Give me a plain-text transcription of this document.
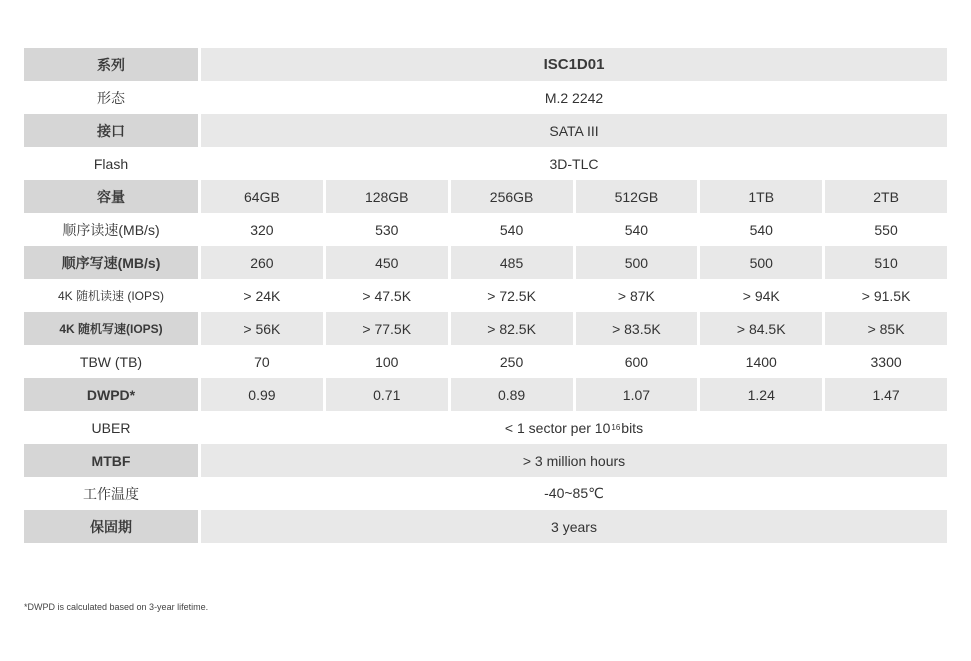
系列	ISC1D01
形态	M.2 2242
接口	SATA III
Flash	3D-TLC
容量	64GB	128GB	256GB	512GB	1TB	2TB
顺序读速(MB/s)	320	530	540	540	540	550
顺序写速(MB/s)	260	450	485	500	500	510
4K 随机读速 (IOPS)	> 24K	> 47.5K	> 72.5K	> 87K	> 94K	> 91.5K
4K 随机写速(IOPS)	> 56K	> 77.5K	> 82.5K	> 83.5K	> 84.5K	> 85K
TBW (TB)	70	100	250	600	1400	3300
DWPD*	0.99	0.71	0.89	1.07	1.24	1.47
UBER	< 1 sector per 10 16 bits
MTBF	> 3 million hours
工作温度	-40~85℃
保固期	3 years
*DWPD is calculated based on 3-year lifetime.
